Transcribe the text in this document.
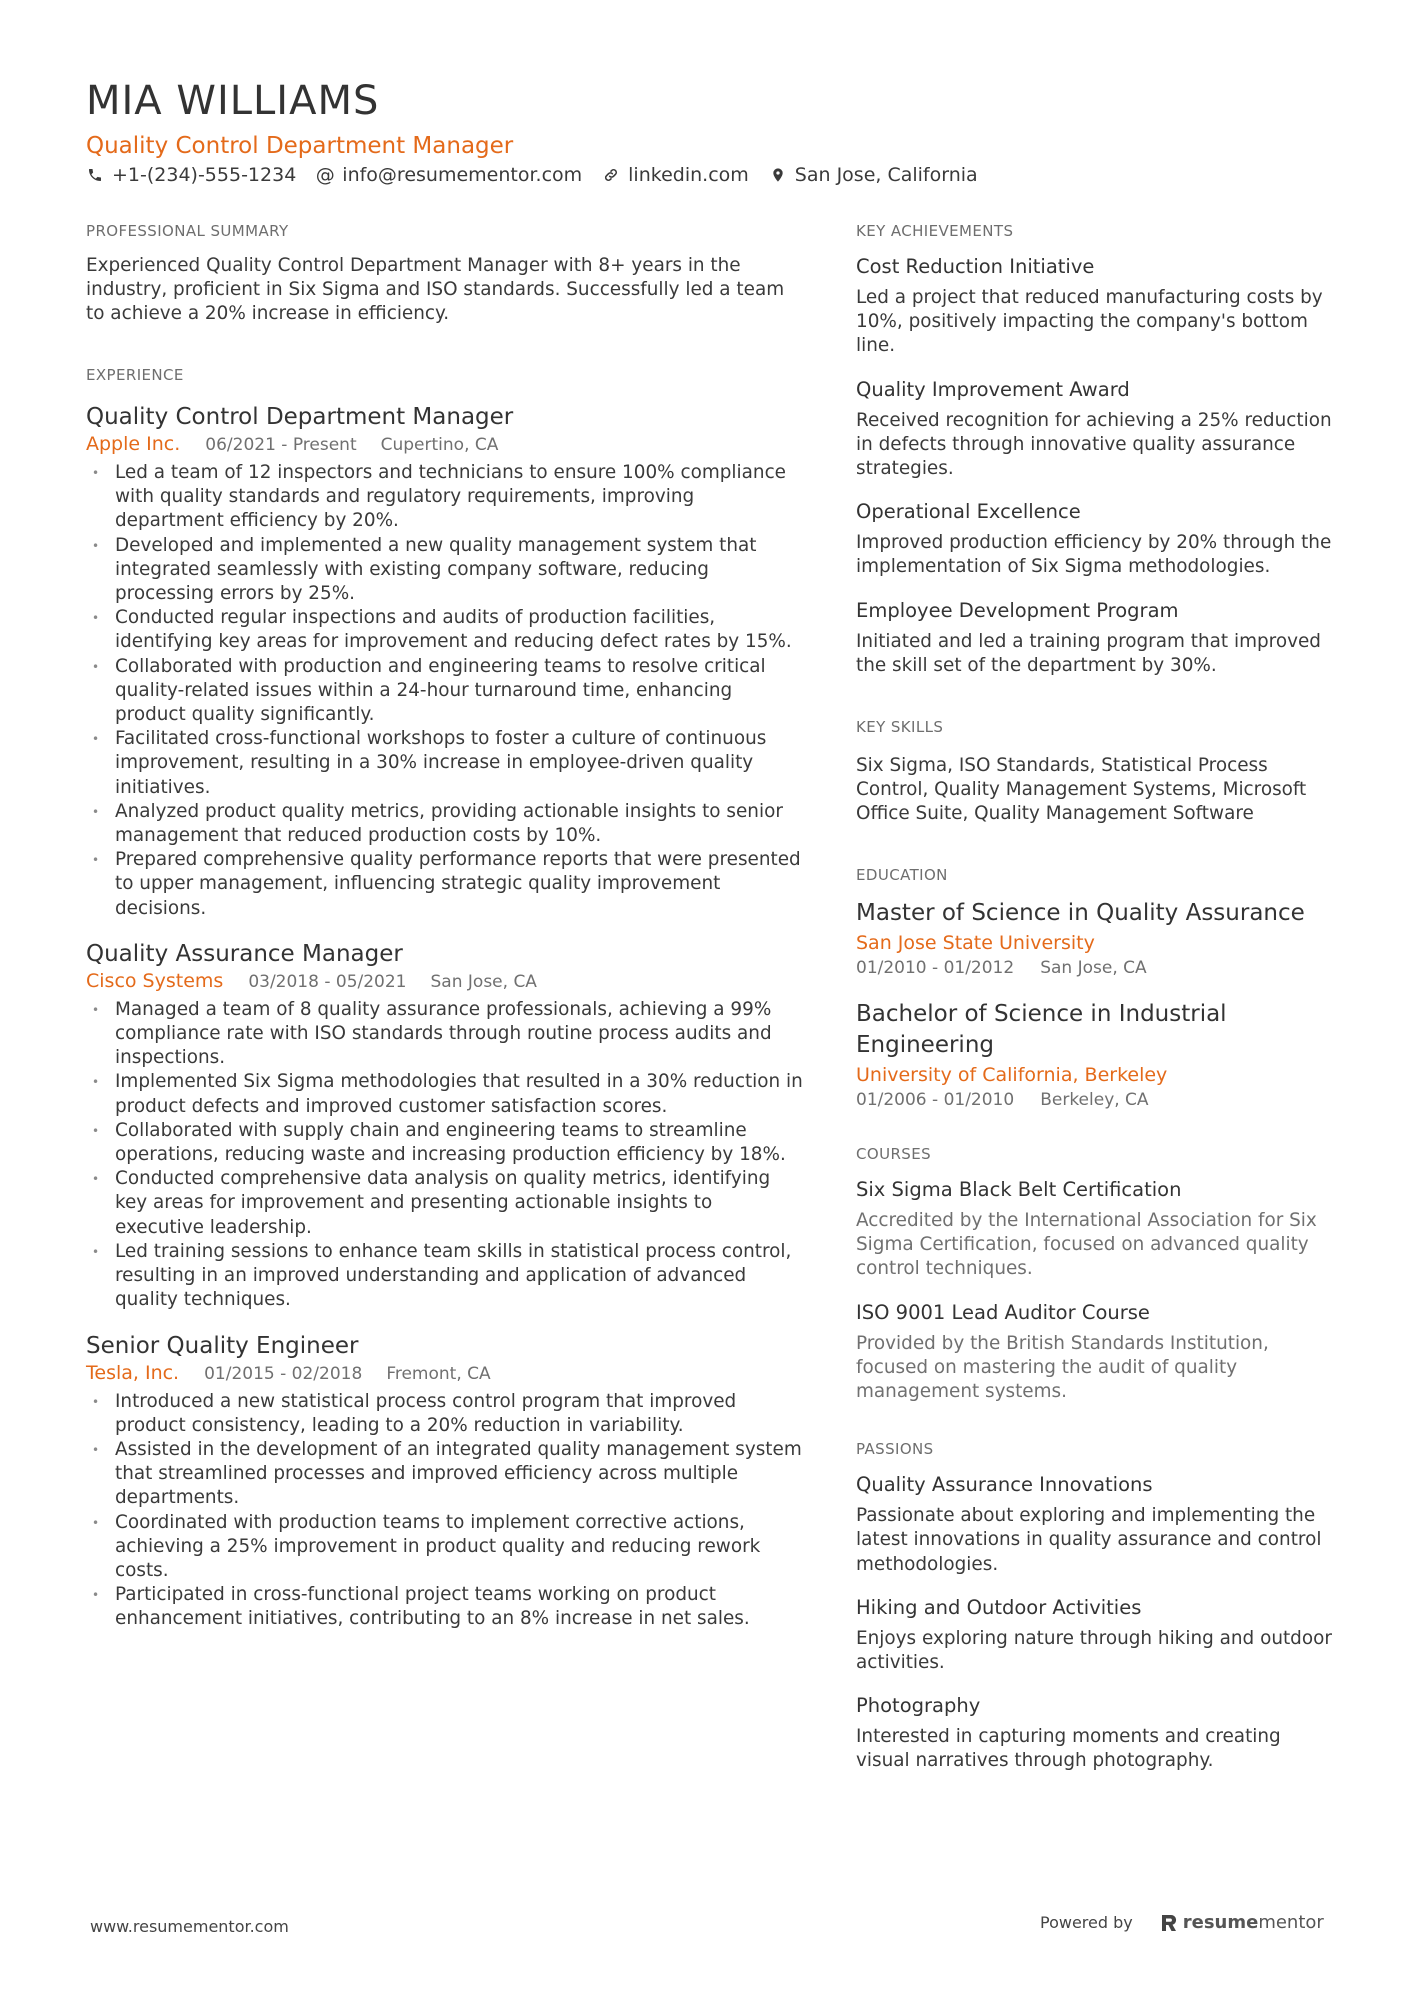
MIA WILLIAMS
Quality Control Department Manager
+1-(234)-555-1234 @ info@resumementor.com linkedin.com San Jose, California
PROFESSIONAL SUMMARY

Experienced Quality Control Department Manager with 8+ years in the industry, proficient in Six Sigma and ISO standards. Successfully led a team to achieve a 20% increase in efficiency.

EXPERIENCE
Quality Control Department Manager
Apple Inc. 06/2021 - Present Cupertino, CA
• Led a team of 12 inspectors and technicians to ensure 100% compliance with quality standards and regulatory requirements, improving department efficiency by 20%.
• Developed and implemented a new quality management system that integrated seamlessly with existing company software, reducing processing errors by 25%.
• Conducted regular inspections and audits of production facilities, identifying key areas for improvement and reducing defect rates by 15%.
• Collaborated with production and engineering teams to resolve critical quality-related issues within a 24-hour turnaround time, enhancing product quality significantly.
• Facilitated cross-functional workshops to foster a culture of continuous improvement, resulting in a 30% increase in employee-driven quality initiatives.
• Analyzed product quality metrics, providing actionable insights to senior management that reduced production costs by 10%.
• Prepared comprehensive quality performance reports that were presented to upper management, influencing strategic quality improvement decisions.
Quality Assurance Manager
Cisco Systems 03/2018 - 05/2021 San Jose, CA
• Managed a team of 8 quality assurance professionals, achieving a 99% compliance rate with ISO standards through routine process audits and inspections.
• Implemented Six Sigma methodologies that resulted in a 30% reduction in product defects and improved customer satisfaction scores.
• Collaborated with supply chain and engineering teams to streamline operations, reducing waste and increasing production efficiency by 18%.
• Conducted comprehensive data analysis on quality metrics, identifying key areas for improvement and presenting actionable insights to executive leadership.
• Led training sessions to enhance team skills in statistical process control, resulting in an improved understanding and application of advanced quality techniques.
Senior Quality Engineer
Tesla, Inc. 01/2015 - 02/2018 Fremont, CA
• Introduced a new statistical process control program that improved product consistency, leading to a 20% reduction in variability.
• Assisted in the development of an integrated quality management system that streamlined processes and improved efficiency across multiple departments.
• Coordinated with production teams to implement corrective actions, achieving a 25% improvement in product quality and reducing rework costs.
• Participated in cross-functional project teams working on product enhancement initiatives, contributing to an 8% increase in net sales.
KEY ACHIEVEMENTS
Cost Reduction Initiative
Led a project that reduced manufacturing costs by 10%, positively impacting the company's bottom line.
Quality Improvement Award
Received recognition for achieving a 25% reduction in defects through innovative quality assurance strategies.
Operational Excellence
Improved production efficiency by 20% through the implementation of Six Sigma methodologies.
Employee Development Program
Initiated and led a training program that improved the skill set of the department by 30%.
KEY SKILLS

Six Sigma, ISO Standards, Statistical Process Control, Quality Management Systems, Microsoft Office Suite, Quality Management Software

EDUCATION
Master of Science in Quality Assurance
San Jose State University
01/2010 - 01/2012 San Jose, CA
Bachelor of Science in Industrial Engineering
University of California, Berkeley
01/2006 - 01/2010 Berkeley, CA
COURSES
Six Sigma Black Belt Certification
Accredited by the International Association for Six Sigma Certification, focused on advanced quality control techniques.
ISO 9001 Lead Auditor Course
Provided by the British Standards Institution, focused on mastering the audit of quality management systems.
PASSIONS
Quality Assurance Innovations
Passionate about exploring and implementing the latest innovations in quality assurance and control methodologies.
Hiking and Outdoor Activities
Enjoys exploring nature through hiking and outdoor activities.
Photography
Interested in capturing moments and creating visual narratives through photography.
www.resumementor.com	Powered by	resume mentor
